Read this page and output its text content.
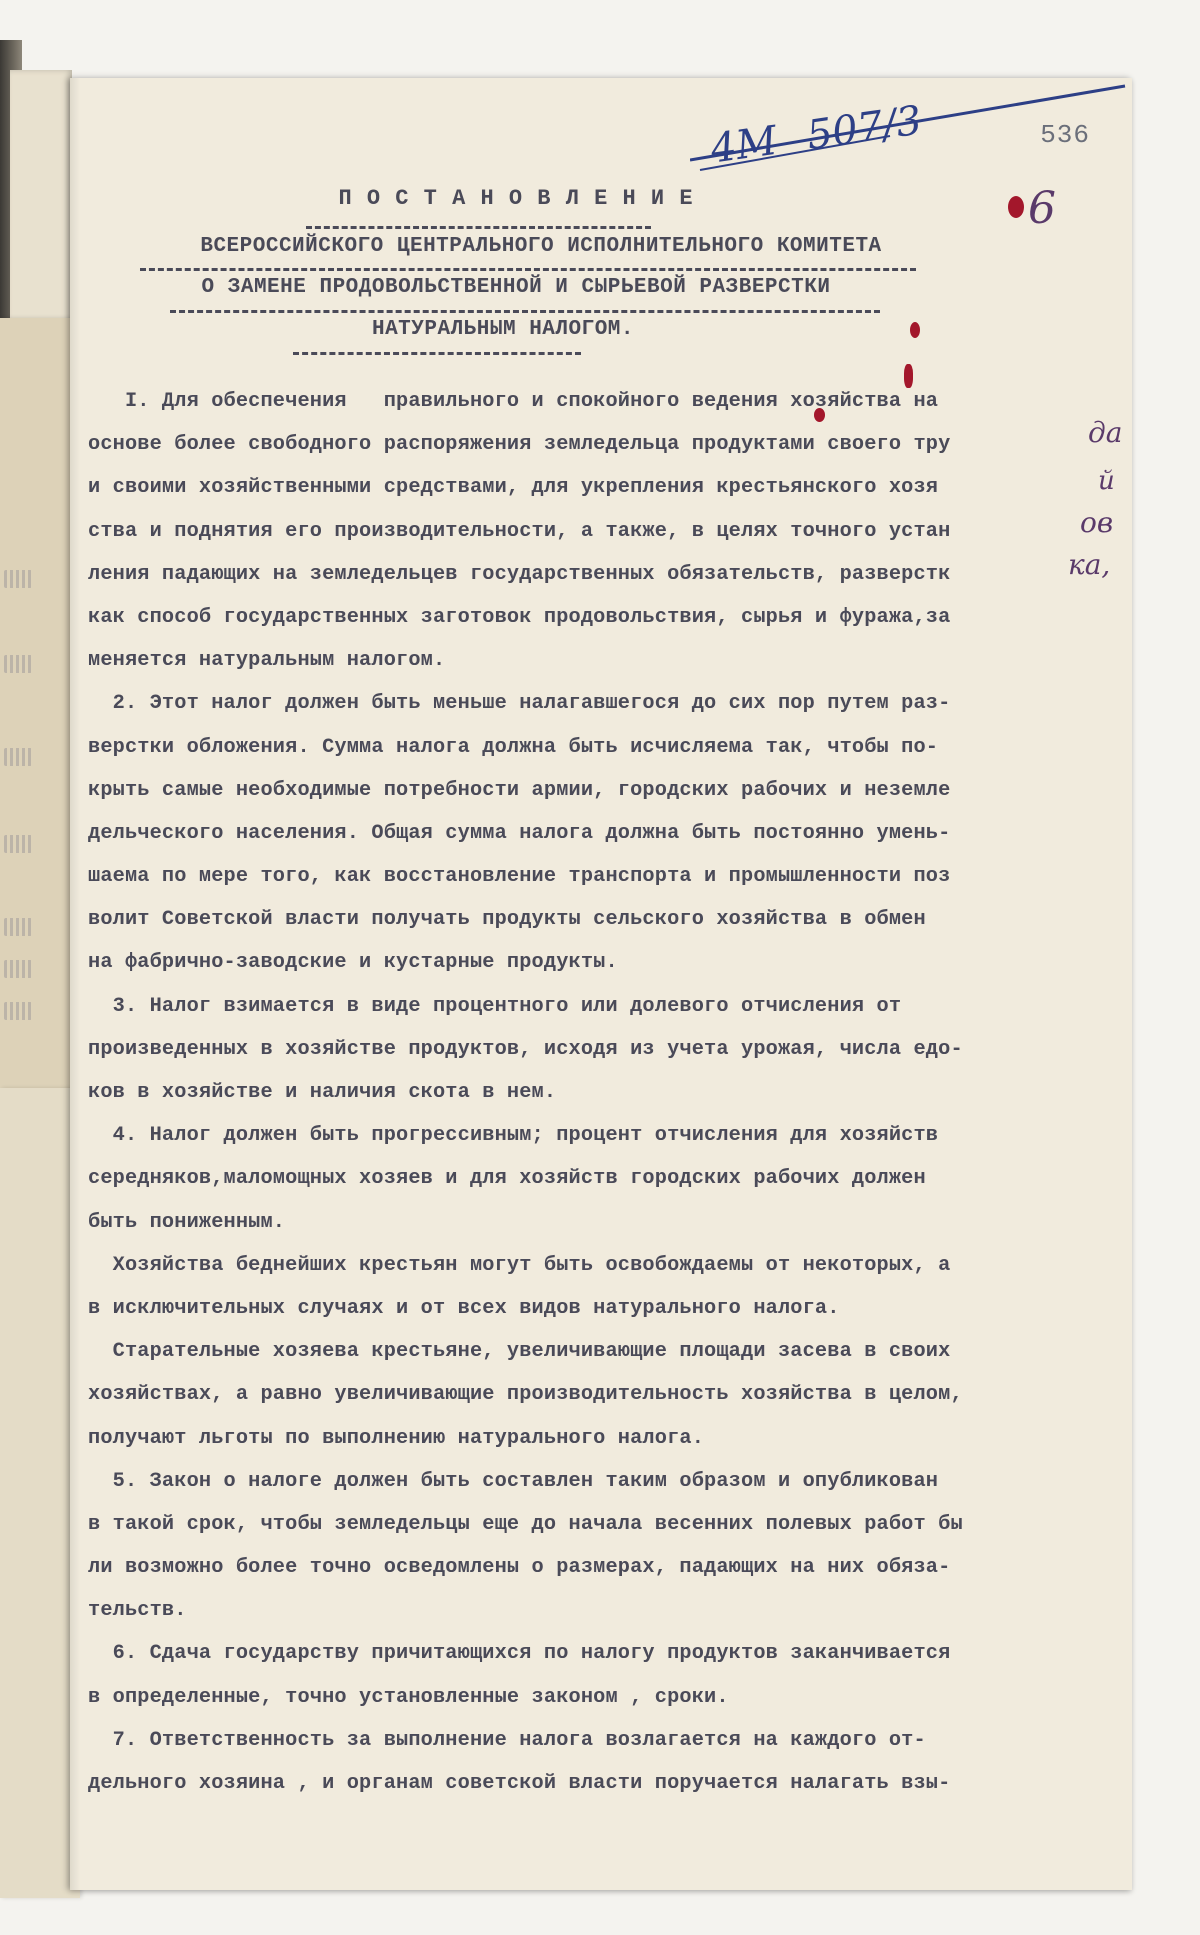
536
4М 507/3
6
П О С Т А Н О В Л Е Н И Е
ВСЕРОССИЙСКОГО ЦЕНТРАЛЬНОГО ИСПОЛНИТЕЛЬНОГО КОМИТЕТА
О ЗАМЕНЕ ПРОДОВОЛЬСТВЕННОЙ И СЫРЬЕВОЙ РАЗВЕРСТКИ
НАТУРАЛЬНЫМ НАЛОГОМ.
да
й
ов
ка,
I. Для обеспечения   правильного и спокойного ведения хозяйства на
основе более свободного распоряжения земледельца продуктами своего тру
и своими хозяйственными средствами, для укрепления крестьянского хозя
ства и поднятия его производительности, а также, в целях точного устан
ления падающих на земледельцев государственных обязательств, разверстк
как способ государственных заготовок продовольствия, сырья и фуража,за
меняется натуральным налогом.
2. Этот налог должен быть меньше налагавшегося до сих пор путем раз-
верстки обложения. Сумма налога должна быть исчисляема так, чтобы по-
крыть самые необходимые потребности армии, городских рабочих и неземле
дельческого населения. Общая сумма налога должна быть постоянно умень-
шаема по мере того, как восстановление транспорта и промышленности поз
волит Советской власти получать продукты сельского хозяйства в обмен
на фабрично-заводские и кустарные продукты.
3. Налог взимается в виде процентного или долевого отчисления от
произведенных в хозяйстве продуктов, исходя из учета урожая, числа едо-
ков в хозяйстве и наличия скота в нем.
4. Налог должен быть прогрессивным; процент отчисления для хозяйств
середняков,маломощных хозяев и для хозяйств городских рабочих должен
быть пониженным.
Хозяйства беднейших крестьян могут быть освобождаемы от некоторых, а
в исключительных случаях и от всех видов натурального налога.
Старательные хозяева крестьяне, увеличивающие площади засева в своих
хозяйствах, а равно увеличивающие производительность хозяйства в целом,
получают льготы по выполнению натурального налога.
5. Закон о налоге должен быть составлен таким образом и опубликован
в такой срок, чтобы земледельцы еще до начала весенних полевых работ бы
ли возможно более точно осведомлены о размерах, падающих на них обяза-
тельств.
6. Сдача государству причитающихся по налогу продуктов заканчивается
в определенные, точно установленные законом , сроки.
7. Ответственность за выполнение налога возлагается на каждого от-
дельного хозяина , и органам советской власти поручается налагать взы-
